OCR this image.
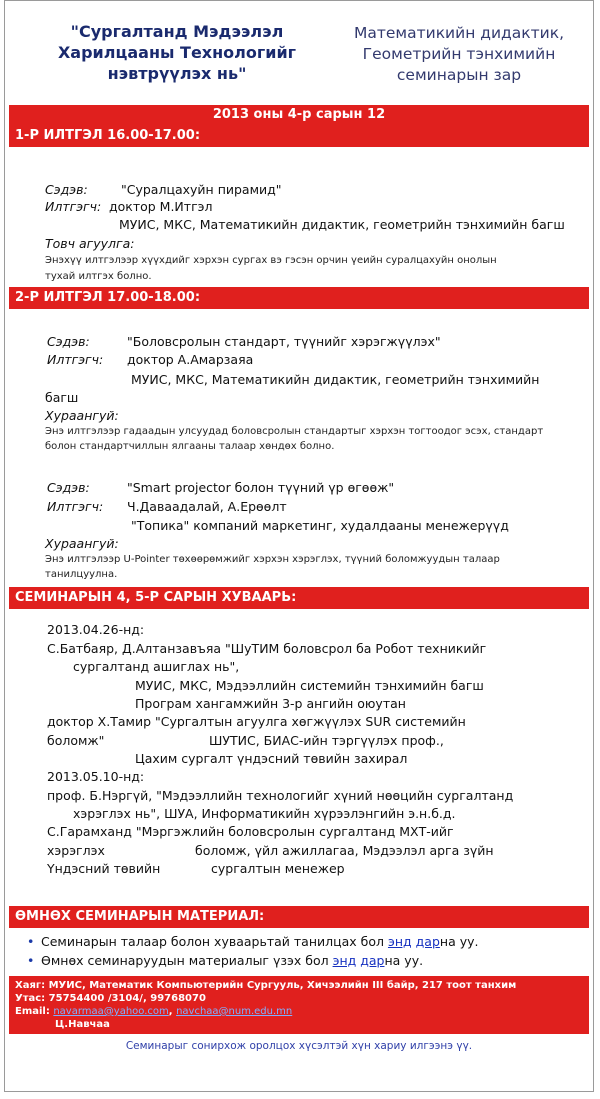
"Сургалтанд Мэдээлэл Харилцааны Технологийг нэвтрүүлэх нь"
Математикийн дидактик, Геометрийн тэнхимийн семинарын зар
2013 оны 4-р сарын 12
1-Р ИЛТГЭЛ 16.00-17.00:
Сэдэв:	"Суралцахуйн пирамид"
Илтгэгч: доктор М.Итгэл
МУИС, МКС, Математикийн дидактик, геометрийн тэнхимийн багш
Товч агуулга:
Энэхүү илтгэлээр хүүхдийг хэрхэн сургах вэ гэсэн орчин үеийн суралцахуйн онолын
тухай илтгэх болно.
2-Р ИЛТГЭЛ 17.00-18.00:
Сэдэв:	"Боловсролын стандарт, түүнийг хэрэгжүүлэх"
Илтгэгч: доктор А.Амарзаяа
МУИС, МКС, Математикийн дидактик, геометрийн тэнхимийн
багш
Хураангуй:
Энэ илтгэлээр гадаадын улсуудад боловсролын стандартыг хэрхэн тогтоодог эсэх, стандарт
болон стандартчиллын ялгааны талаар хөндөх болно.
Сэдэв:	"Smart projector болон түүний үр өгөөж"
Илтгэгч: Ч.Даваадалай, А.Ерөөлт
"Топика" компаний маркетинг, худалдааны менежерүүд
Хураангуй:
Энэ илтгэлээр U-Pointer төхөөрөмжийг хэрхэн хэрэглэх, түүний боломжуудын талаар
танилцуулна.
СЕМИНАРЫН 4, 5-Р САРЫН ХУВААРЬ:
2013.04.26-нд:
С.Батбаяр, Д.Алтанзавъяа "ШуТИМ боловсрол ба Робот техникийг
сургалтанд ашиглах нь",
МУИС, МКС, Мэдээллийн системийн тэнхимийн багш
Програм хангамжийн 3-р ангийн оюутан
доктор Х.Тамир "Сургалтын агуулга хөгжүүлэх SUR системийн
боломж"	ШУТИС, БИАС-ийн тэргүүлэх проф.,
Цахим сургалт үндэсний төвийн захирал
2013.05.10-нд:
проф. Б.Нэргүй, "Мэдээллийн технологийг хүний нөөцийн сургалтанд
хэрэглэх нь", ШУА, Информатикийн хүрээлэнгийн э.н.б.д.
С.Гарамханд "Мэргэжлийн боловсролын сургалтанд МХТ-ийг
хэрэглэх	боломж, үйл ажиллагаа, Мэдээлэл арга зүйн
Үндэсний төвийн	сургалтын менежер
ӨМНӨХ СЕМИНАРЫН МАТЕРИАЛ:
• Семинарын талаар болон хуваарьтай танилцах бол энд дарна уу.
• Өмнөх семинаруудын материалыг үзэх бол энд дарна уу.
Хаяг: МУИС, Математик Компьютерийн Сургууль, Хичээлийн III байр, 217 тоот танхим
Утас: 75754400 /3104/, 99768070
Email: navarmaa@yahoo.com, navchaa@num.edu.mn
Ц.Навчаа
Семинарыг сонирхож оролцох хүсэлтэй хүн хариу илгээнэ үү.
